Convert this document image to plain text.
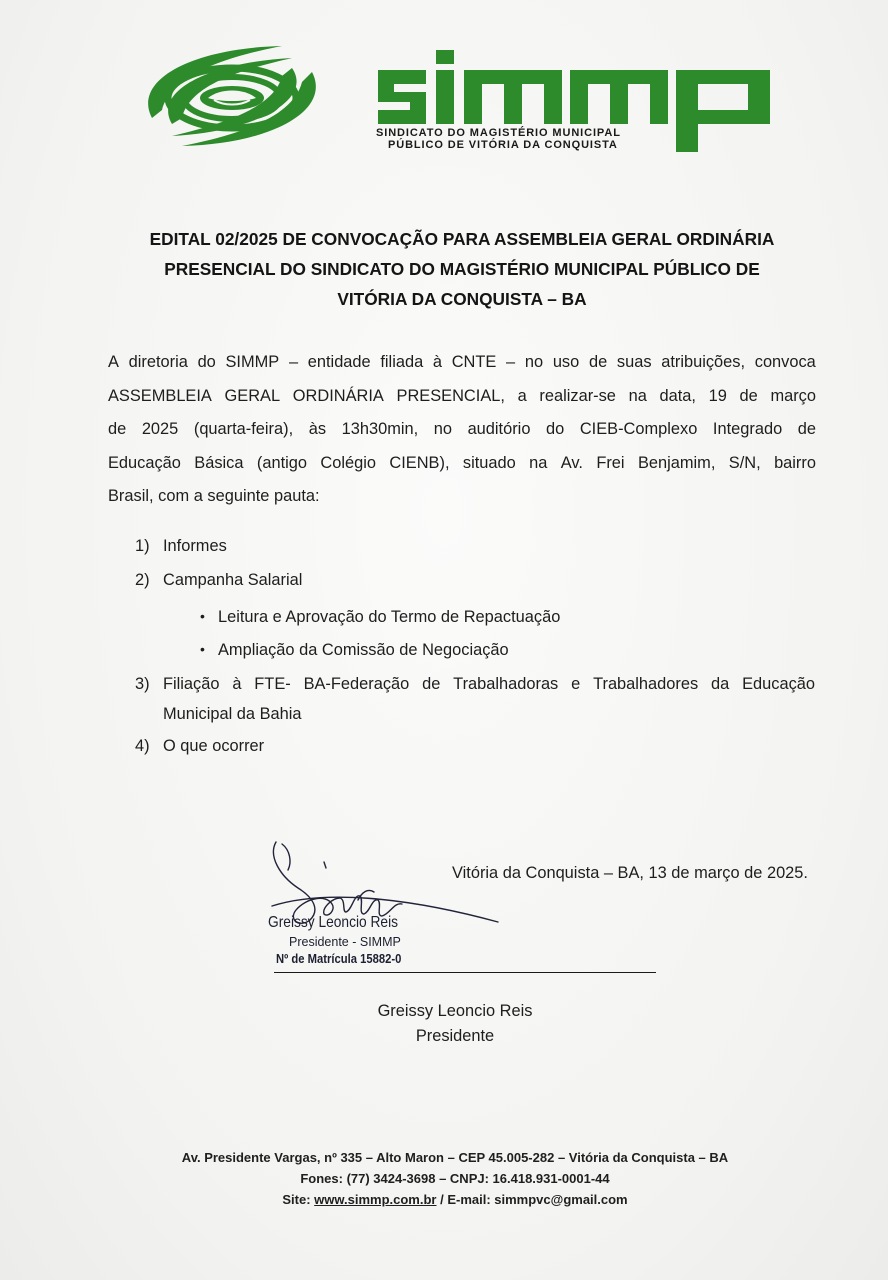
SINDICATO DO MAGISTÉRIO MUNICIPAL
PÚBLICO DE VITÓRIA DA CONQUISTA
EDITAL 02/2025 DE CONVOCAÇÃO PARA ASSEMBLEIA GERAL ORDINÁRIA
PRESENCIAL DO SINDICATO DO MAGISTÉRIO MUNICIPAL PÚBLICO DE
VITÓRIA DA CONQUISTA – BA
A diretoria do SIMMP – entidade filiada à CNTE – no uso de suas atribuições, convoca
ASSEMBLEIA GERAL ORDINÁRIA PRESENCIAL, a realizar-se na data, 19 de março
de 2025 (quarta-feira), às 13h30min, no auditório do CIEB-Complexo Integrado de
Educação Básica (antigo Colégio CIENB), situado na Av. Frei Benjamim, S/N, bairro
Brasil, com a seguinte pauta:
1) Informes
2) Campanha Salarial
• Leitura e Aprovação do Termo de Repactuação
• Ampliação da Comissão de Negociação
3) Filiação à FTE- BA-Federação de Trabalhadoras e Trabalhadores da Educação
Municipal da Bahia
4) O que ocorrer
Vitória da Conquista – BA, 13 de março de 2025.
Greissy Leoncio Reis
Presidente - SIMMP
Nº de Matrícula 15882-0
Greissy Leoncio Reis
Presidente
Av. Presidente Vargas, nº 335 – Alto Maron – CEP 45.005-282 – Vitória da Conquista – BA
Fones: (77) 3424-3698 – CNPJ: 16.418.931-0001-44
Site: www.simmp.com.br / E-mail: simmpvc@gmail.com
